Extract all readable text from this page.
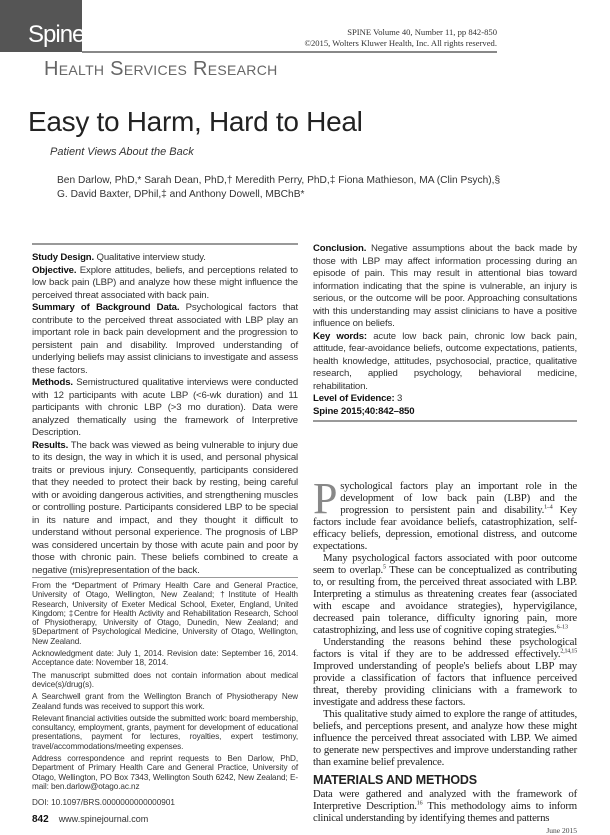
Spine	SPINE Volume 40, Number 11, pp 842-850
©2015, Wolters Kluwer Health, Inc. All rights reserved.
Health Services Research
Easy to Harm, Hard to Heal
Patient Views About the Back
Ben Darlow, PhD,* Sarah Dean, PhD,† Meredith Perry, PhD,‡ Fiona Mathieson, MA (Clin Psych),§
G. David Baxter, DPhil,‡ and Anthony Dowell, MBChB*
Study Design. Qualitative interview study.
Objective. Explore attitudes, beliefs, and perceptions related to low back pain (LBP) and analyze how these might influence the perceived threat associated with back pain.
Summary of Background Data. Psychological factors that contribute to the perceived threat associated with LBP play an important role in back pain development and the progression to persistent pain and disability. Improved understanding of underlying beliefs may assist clinicians to investigate and assess these factors.
Methods. Semistructured qualitative interviews were conducted with 12 participants with acute LBP (<6-wk duration) and 11 participants with chronic LBP (>3 mo duration). Data were analyzed thematically using the framework of Interpretive Description.
Results. The back was viewed as being vulnerable to injury due to its design, the way in which it is used, and personal physical traits or previous injury. Consequently, participants considered that they needed to protect their back by resting, being careful with or avoiding dangerous activities, and strengthening muscles or controlling posture. Participants considered LBP to be special in its nature and impact, and they thought it difficult to understand without personal experience. The prognosis of LBP was considered uncertain by those with acute pain and poor by those with chronic pain. These beliefs combined to create a negative (mis)representation of the back.

From the *Department of Primary Health Care and General Practice, University of Otago, Wellington, New Zealand; †Institute of Health Research, University of Exeter Medical School, Exeter, England, United Kingdom; ‡Centre for Health Activity and Rehabilitation Research, School of Physiotherapy, University of Otago, Dunedin, New Zealand; and §Department of Psychological Medicine, University of Otago, Wellington, New Zealand.

Acknowledgment date: July 1, 2014. Revision date: September 16, 2014. Acceptance date: November 18, 2014.

The manuscript submitted does not contain information about medical device(s)/drug(s).

A Searchwell grant from the Wellington Branch of Physiotherapy New Zealand funds was received to support this work.

Relevant financial activities outside the submitted work: board membership, consultancy, employment, grants, payment for development of educational presentations, payment for lectures, royalties, expert testimony, travel/accommodations/meeting expenses.

Address correspondence and reprint requests to Ben Darlow, PhD, Department of Primary Health Care and General Practice, University of Otago, Wellington, PO Box 7343, Wellington South 6242, New Zealand; E-mail: ben.darlow@otago.ac.nz

DOI: 10.1097/BRS.0000000000000901
842 www.spinejournal.com
Conclusion. Negative assumptions about the back made by those with LBP may affect information processing during an episode of pain. This may result in attentional bias toward information indicating that the spine is vulnerable, an injury is serious, or the outcome will be poor. Approaching consultations with this understanding may assist clinicians to have a positive influence on beliefs.
Key words: acute low back pain, chronic low back pain, attitude, fear-avoidance beliefs, outcome expectations, patients, health knowledge, attitudes, psychosocial, practice, qualitative research, applied psychology, behavioral medicine, rehabilitation.
Level of Evidence: 3
Spine 2015;40:842–850

Psychological factors play an important role in the development of low back pain (LBP) and the progression to persistent pain and disability.$^{1-4}$ Key factors include fear avoidance beliefs, catastrophization, self-efficacy beliefs, depression, emotional distress, and outcome expectations.

Many psychological factors associated with poor outcome seem to overlap.$^5$ These can be conceptualized as contributing to, or resulting from, the perceived threat associated with LBP. Interpreting a stimulus as threatening creates fear (associated with escape and avoidance strategies), hypervigilance, decreased pain tolerance, difficulty ignoring pain, more catastrophizing, and less use of cognitive coping strategies.$^{6-13}$

Understanding the reasons behind these psychological factors is vital if they are to be addressed effectively.$^{2,14,15}$ Improved understanding of people's beliefs about LBP may provide a classification of factors that influence perceived threat, thereby providing clinicians with a framework to investigate and address these factors.

This qualitative study aimed to explore the range of attitudes, beliefs, and perceptions present, and analyze how these might influence the perceived threat associated with LBP. We aimed to generate new perspectives and improve understanding rather than examine belief prevalence.

MATERIALS AND METHODS

Data were gathered and analyzed with the framework of Interpretive Description.$^{16}$ This methodology aims to inform clinical understanding by identifying themes and patterns

June 2015
